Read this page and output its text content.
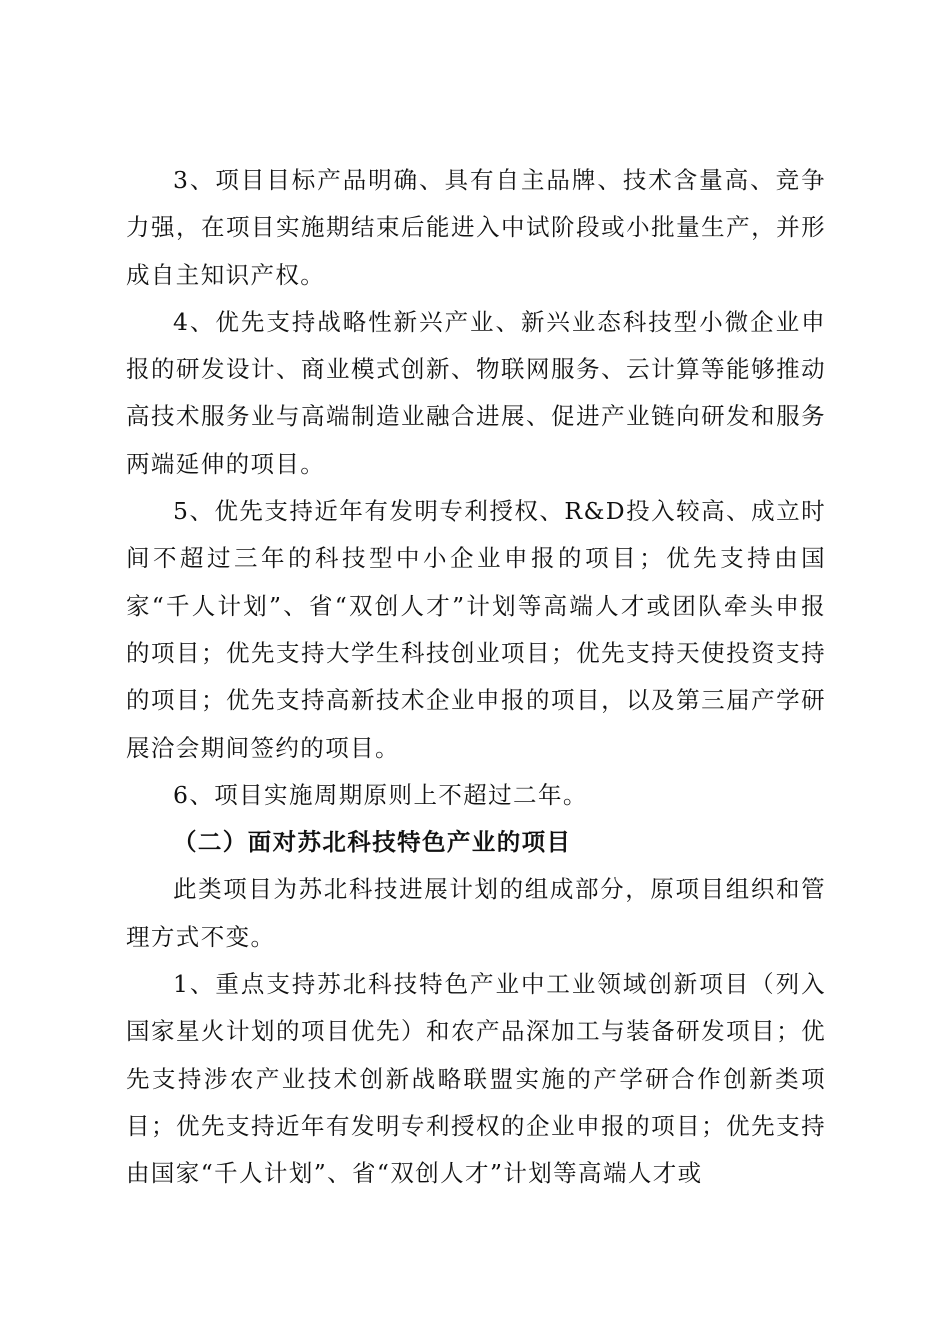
3、项目目标产品明确、具有自主品牌、技术含量高、竞争力强，在项目实施期结束后能进入中试阶段或小批量生产，并形成自主知识产权。

4、优先支持战略性新兴产业、新兴业态科技型小微企业申报的研发设计、商业模式创新、物联网服务、云计算等能够推动高技术服务业与高端制造业融合进展、促进产业链向研发和服务两端延伸的项目。

5、优先支持近年有发明专利授权、R&D投入较高、成立时间不超过三年的科技型中小企业申报的项目；优先支持由国家“千人计划”、省“双创人才”计划等高端人才或团队牵头申报的项目；优先支持大学生科技创业项目；优先支持天使投资支持的项目；优先支持高新技术企业申报的项目，以及第三届产学研展洽会期间签约的项目。

6、项目实施周期原则上不超过二年。

（二）面对苏北科技特色产业的项目

此类项目为苏北科技进展计划的组成部分，原项目组织和管理方式不变。

1、重点支持苏北科技特色产业中工业领域创新项目（列入国家星火计划的项目优先）和农产品深加工与装备研发项目；优先支持涉农产业技术创新战略联盟实施的产学研合作创新类项目；优先支持近年有发明专利授权的企业申报的项目；优先支持由国家“千人计划”、省“双创人才”计划等高端人才或
